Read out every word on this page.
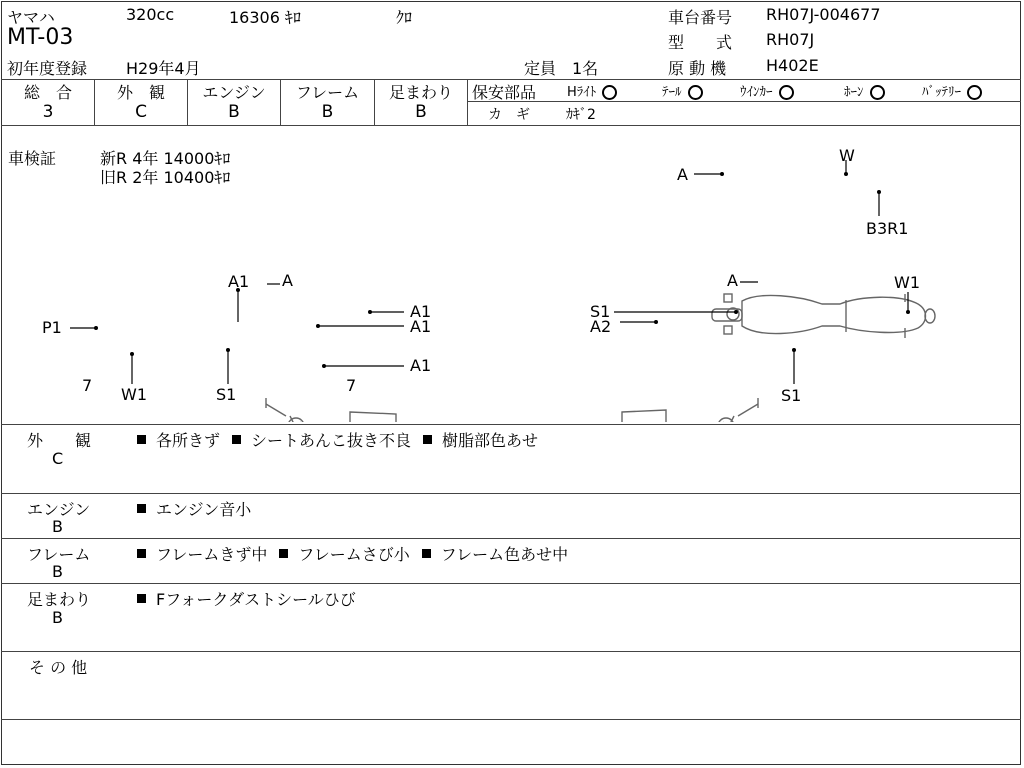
ヤマハ	320cc	16306 ｷﾛ	ｸﾛ
MT-03
初年度登録 H29年4月	定員 1名
車台番号 RH07J-004677
型　　式 RH07J
原 動 機 H402E
総　合
3
外　観
C
エンジン
B
フレーム
B
足まわり
B
保安部品 Hﾗｲﾄ	ﾃｰﾙ	ｳｲﾝｶｰ	ﾎｰﾝ	ﾊﾞｯﾃﾘｰ
カ　ギ	ｶｷﾞ2
車検証	新R 4年 14000ｷﾛ
旧R 2年 10400ｷﾛ	A
W
B3R1
A1 A
P1
A1
A1
A1
7	7
W1	S1
A	W1
S1
A2
S1
外　　観
C
各所きず シートあんこ抜き不良 樹脂部色あせ
エンジン
B
エンジン音小
フレーム
B
フレームきず中 フレームさび小 フレーム色あせ中
足まわり
B
Fフォークダストシールひび
そ の 他
